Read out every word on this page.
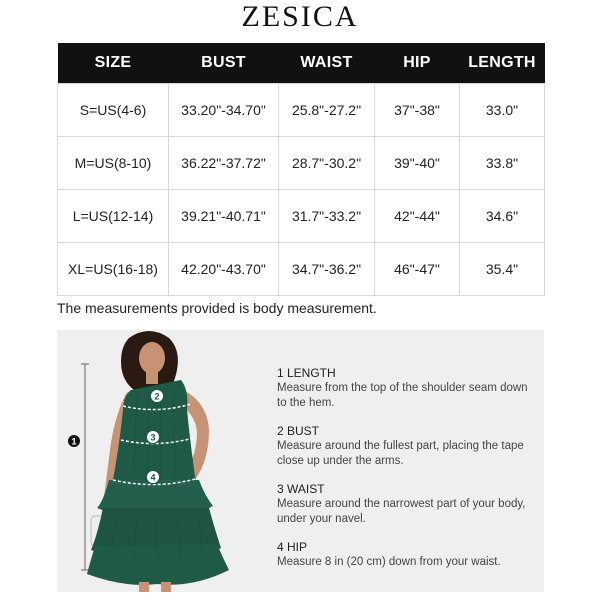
ZESICA
SIZE	BUST	WAIST	HIP	LENGTH
S=US(4-6)	33.20"-34.70"	25.8"-27.2"	37"-38"	33.0"
M=US(8-10)	36.22"-37.72"	28.7"-30.2"	39"-40"	33.8"
L=US(12-14)	39.21"-40.71"	31.7"-33.2"	42"-44"	34.6"
XL=US(16-18)	42.20"-43.70"	34.7"-36.2"	46"-47"	35.4"
The measurements provided is body measurement.
1
2
3
4
1 LENGTH
Measure from the top of the shoulder seam down to the hem.
2 BUST
Measure around the fullest part, placing the tape close up under the arms.
3 WAIST
Measure around the narrowest part of your body, under your navel.
4 HIP
Measure 8 in (20 cm) down from your waist.
